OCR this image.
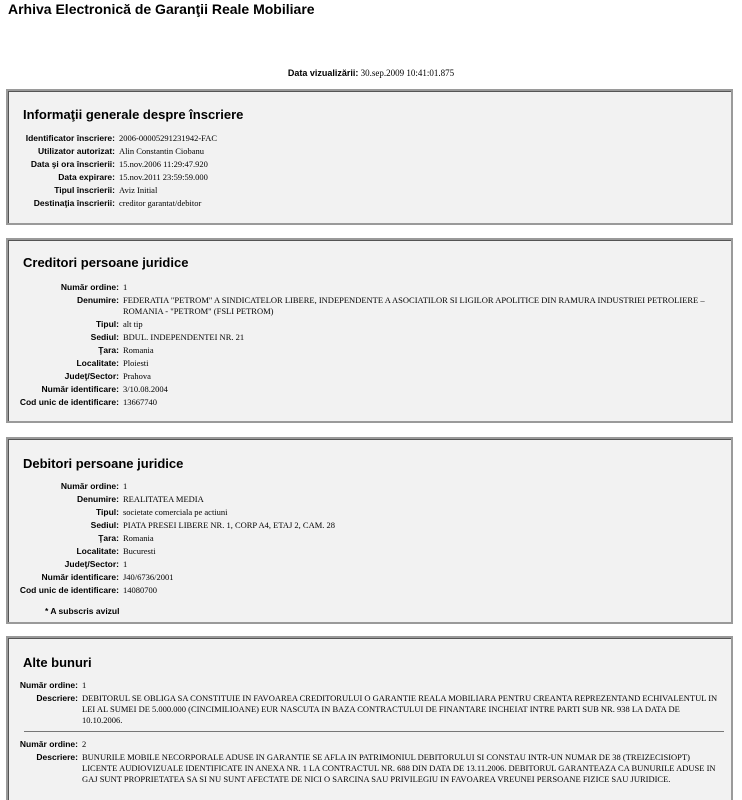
Arhiva Electronică de Garanţii Reale Mobiliare
Data vizualizării: 30.sep.2009 10:41:01.875
Informaţii generale despre înscriere
Identificator înscriere: 2006-00005291231942-FAC
Utilizator autorizat: Alin Constantin Ciobanu
Data şi ora înscrierii: 15.nov.2006 11:29:47.920
Data expirare: 15.nov.2011 23:59:59.000
Tipul înscrierii: Aviz Initial
Destinaţia înscrierii: creditor garantat/debitor
Creditori persoane juridice
Număr ordine: 1
Denumire: FEDERATIA "PETROM" A SINDICATELOR LIBERE, INDEPENDENTE A ASOCIATILOR SI LIGILOR APOLITICE DIN RAMURA INDUSTRIEI PETROLIERE – ROMANIA - "PETROM" (FSLI PETROM)
Tipul: alt tip
Sediul: BDUL. INDEPENDENTEI NR. 21
Ţara: Romania
Localitate: Ploiesti
Judeţ/Sector: Prahova
Număr identificare: 3/10.08.2004
Cod unic de identificare: 13667740
Debitori persoane juridice
Număr ordine: 1
Denumire: REALITATEA MEDIA
Tipul: societate comerciala pe actiuni
Sediul: PIATA PRESEI LIBERE NR. 1, CORP A4, ETAJ 2, CAM. 28
Ţara: Romania
Localitate: Bucuresti
Judeţ/Sector: 1
Număr identificare: J40/6736/2001
Cod unic de identificare: 14080700
* A subscris avizul
Alte bunuri
Număr ordine: 1
Descriere: DEBITORUL SE OBLIGA SA CONSTITUIE IN FAVOAREA CREDITORULUI O GARANTIE REALA MOBILIARA PENTRU CREANTA REPREZENTAND ECHIVALENTUL IN LEI AL SUMEI DE 5.000.000 (CINCIMILIOANE) EUR NASCUTA IN BAZA CONTRACTULUI DE FINANTARE INCHEIAT INTRE PARTI SUB NR. 938 LA DATA DE 10.10.2006.
Număr ordine: 2
Descriere: BUNURILE MOBILE NECORPORALE ADUSE IN GARANTIE SE AFLA IN PATRIMONIUL DEBITORULUI SI CONSTAU INTR-UN NUMAR DE 38 (TREIZECISIOPT) LICENTE AUDIOVIZUALE IDENTIFICATE IN ANEXA NR. 1 LA CONTRACTUL NR. 688 DIN DATA DE 13.11.2006. DEBITORUL GARANTEAZA CA BUNURILE ADUSE IN GAJ SUNT PROPRIETATEA SA SI NU SUNT AFECTATE DE NICI O SARCINA SAU PRIVILEGIU IN FAVOAREA VREUNEI PERSOANE FIZICE SAU JURIDICE.
